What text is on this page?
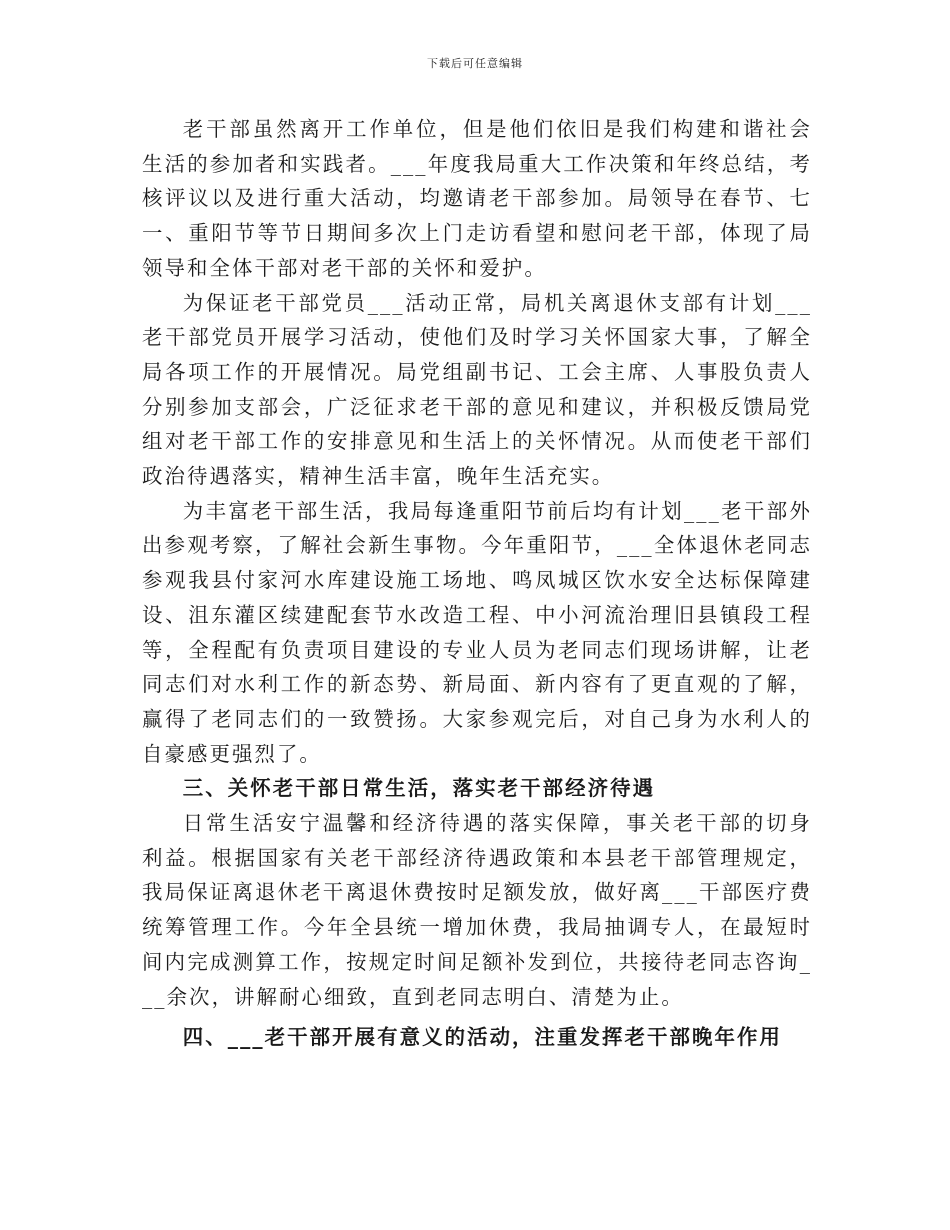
下载后可任意编辑

老干部虽然离开工作单位，但是他们依旧是我们构建和谐社会生活的参加者和实践者。___年度我局重大工作决策和年终总结，考核评议以及进行重大活动，均邀请老干部参加。局领导在春节、七一、重阳节等节日期间多次上门走访看望和慰问老干部，体现了局领导和全体干部对老干部的关怀和爱护。

为保证老干部党员___活动正常，局机关离退休支部有计划___老干部党员开展学习活动，使他们及时学习关怀国家大事，了解全局各项工作的开展情况。局党组副书记、工会主席、人事股负责人分别参加支部会，广泛征求老干部的意见和建议，并积极反馈局党组对老干部工作的安排意见和生活上的关怀情况。从而使老干部们政治待遇落实，精神生活丰富，晚年生活充实。

为丰富老干部生活，我局每逢重阳节前后均有计划___老干部外出参观考察，了解社会新生事物。今年重阳节，___全体退休老同志参观我县付家河水库建设施工场地、鸣凤城区饮水安全达标保障建设、沮东灌区续建配套节水改造工程、中小河流治理旧县镇段工程等，全程配有负责项目建设的专业人员为老同志们现场讲解，让老同志们对水利工作的新态势、新局面、新内容有了更直观的了解，赢得了老同志们的一致赞扬。大家参观完后，对自己身为水利人的自豪感更强烈了。

三、关怀老干部日常生活，落实老干部经济待遇

日常生活安宁温馨和经济待遇的落实保障，事关老干部的切身利益。根据国家有关老干部经济待遇政策和本县老干部管理规定，我局保证离退休老干离退休费按时足额发放，做好离___干部医疗费统筹管理工作。今年全县统一增加休费，我局抽调专人，在最短时间内完成测算工作，按规定时间足额补发到位，共接待老同志咨询___余次，讲解耐心细致，直到老同志明白、清楚为止。

四、___老干部开展有意义的活动，注重发挥老干部晚年作用
